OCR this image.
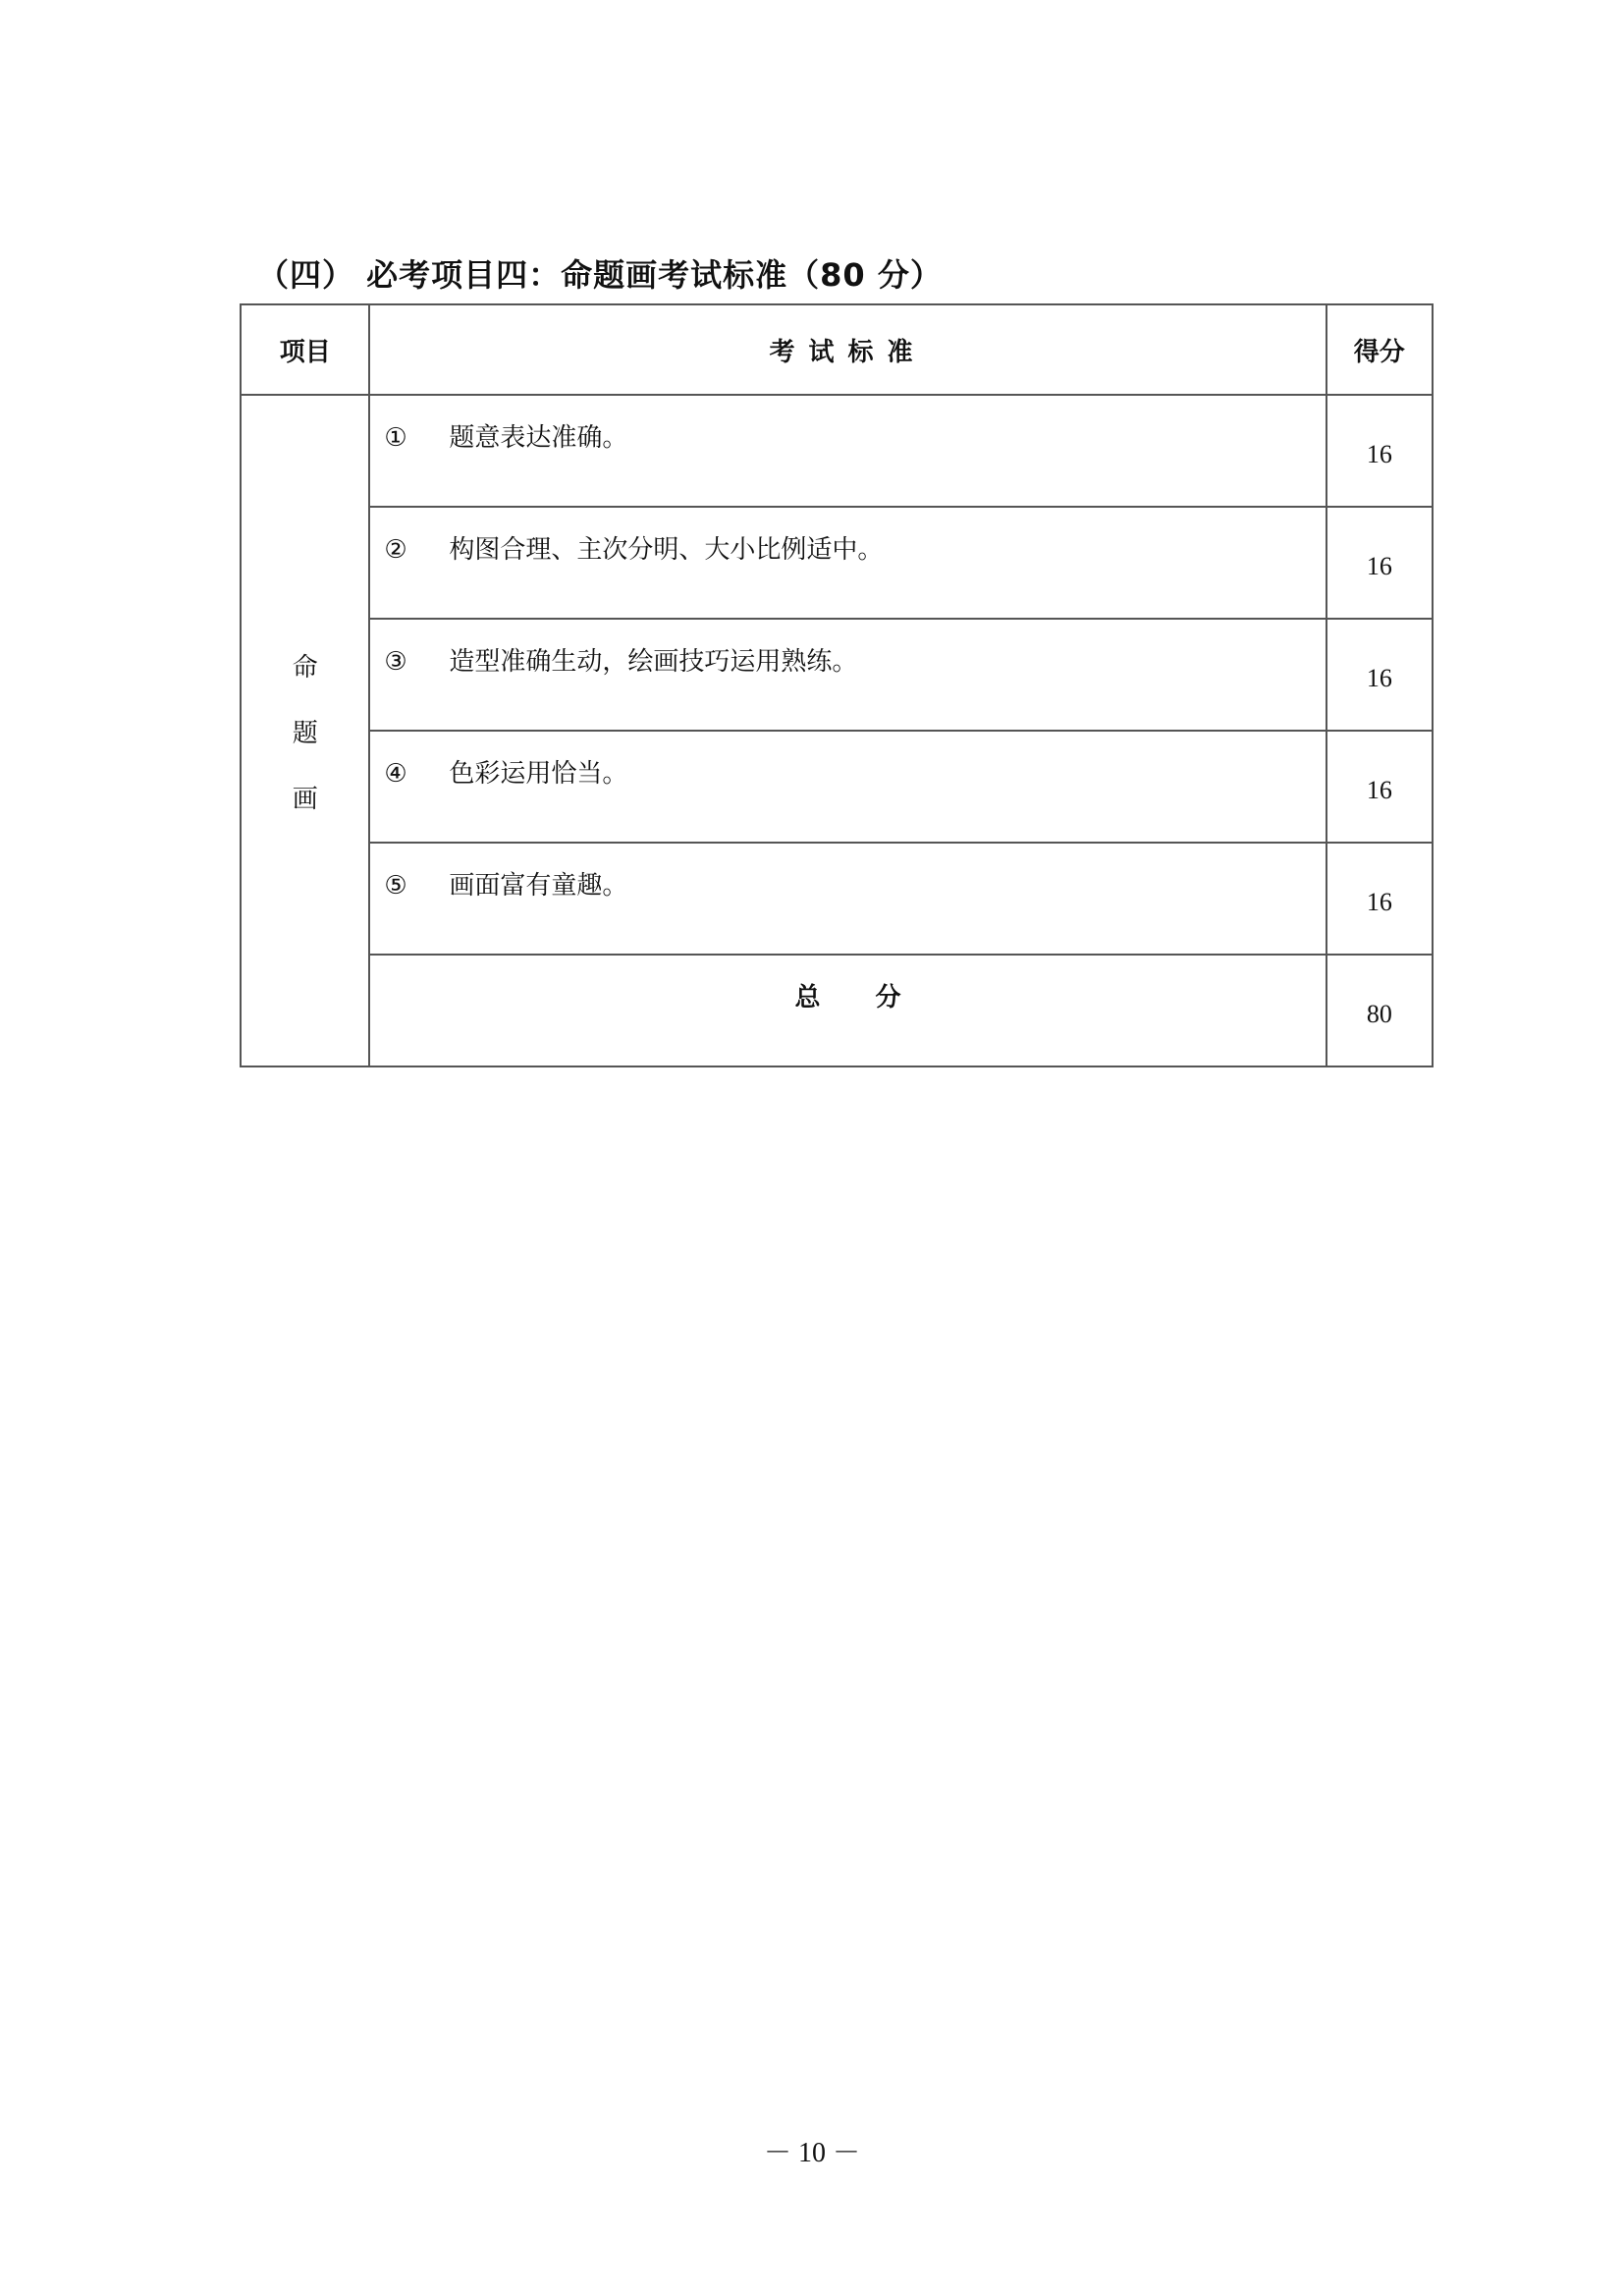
（四） 必考项目四：命题画考试标准（80 分）
项目	考试标准	得分

命
题
画	① 题意表达准确。	16
	② 构图合理、主次分明、大小比例适中。	16
	③ 造型准确生动，绘画技巧运用熟练。	16
	④ 色彩运用恰当。	16
	⑤ 画面富有童趣。	16
	总 分	80
－ 10 －
